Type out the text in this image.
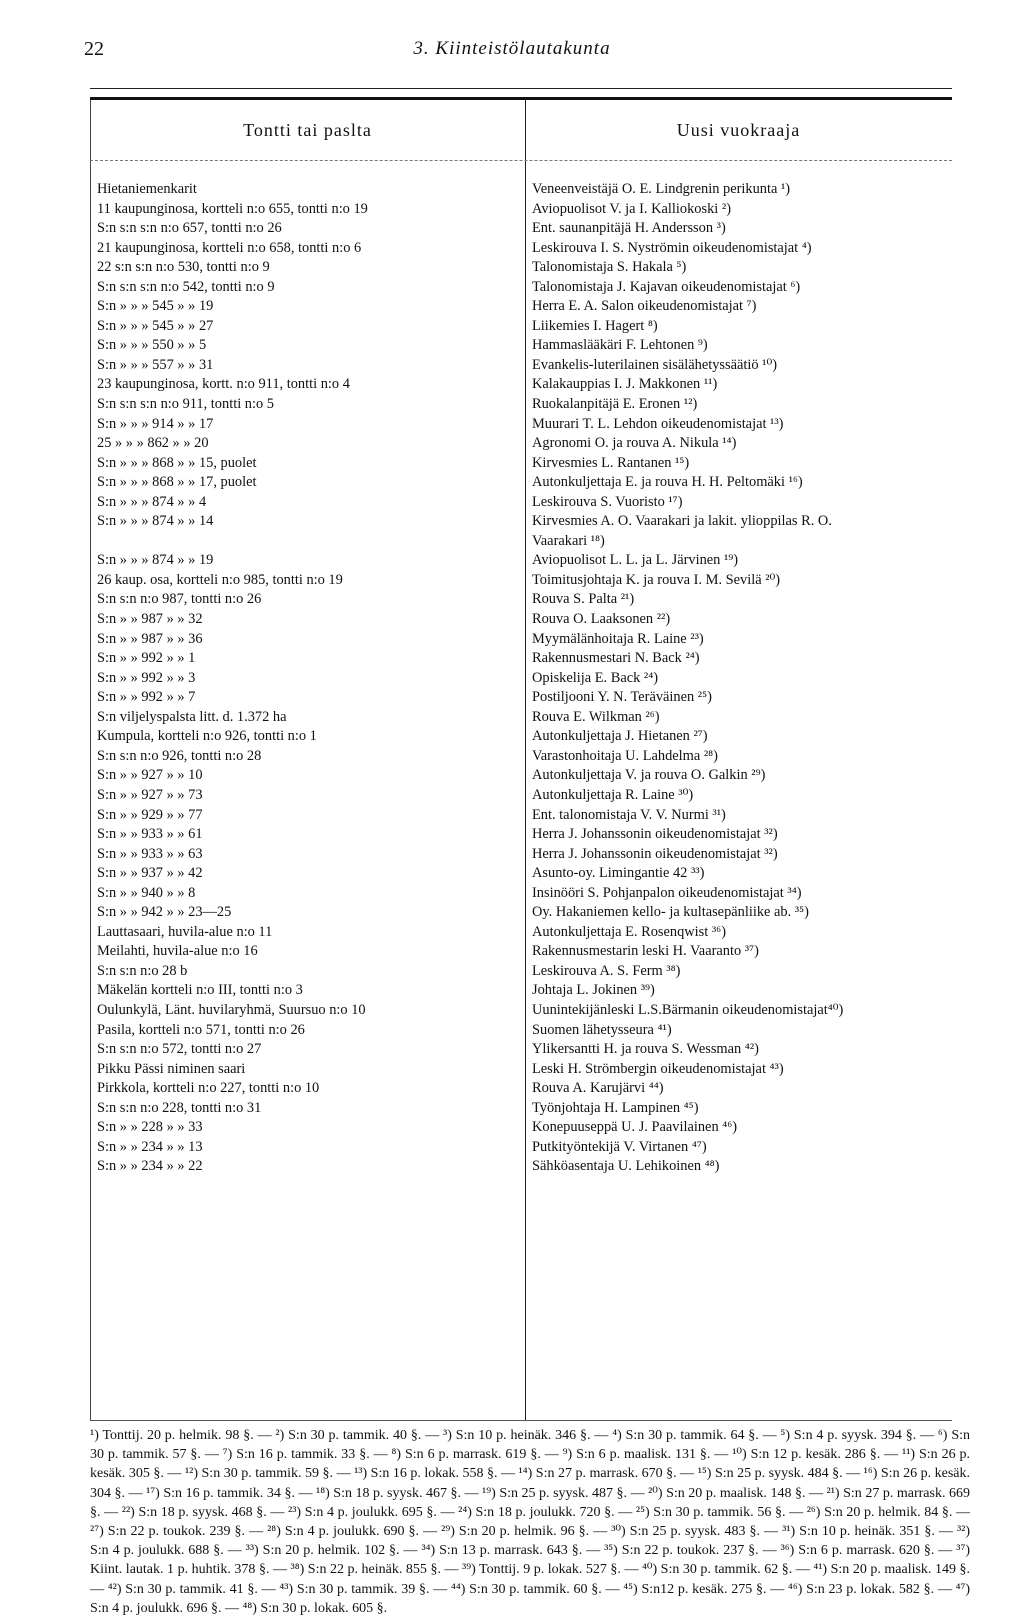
22	3. Kiinteistölautakunta
Tontti tai paslta	Uusi vuokraaja
Hietaniemenkarit
11 kaupunginosa, kortteli n:o 655, tontti n:o 19
S:n s:n s:n n:o 657, tontti n:o 26
21 kaupunginosa, kortteli n:o 658, tontti n:o 6
22 s:n s:n n:o 530, tontti n:o 9
S:n s:n s:n n:o 542, tontti n:o 9
S:n » » » 545 » » 19
S:n » » » 545 » » 27
S:n » » » 550 » » 5
S:n » » » 557 » » 31
23 kaupunginosa, kortt. n:o 911, tontti n:o 4
S:n s:n s:n n:o 911, tontti n:o 5
S:n » » » 914 » » 17
25 » » » 862 » » 20
S:n » » » 868 » » 15, puolet
S:n » » » 868 » » 17, puolet
S:n » » » 874 » » 4
S:n » » » 874 » » 14
S:n » » » 874 » » 19
26 kaup. osa, kortteli n:o 985, tontti n:o 19
S:n s:n n:o 987, tontti n:o 26
S:n » » 987 » » 32
S:n » » 987 » » 36
S:n » » 992 » » 1
S:n » » 992 » » 3
S:n » » 992 » » 7
S:n viljelyspalsta litt. d. 1.372 ha
Kumpula, kortteli n:o 926, tontti n:o 1
S:n s:n n:o 926, tontti n:o 28
S:n » » 927 » » 10
S:n » » 927 » » 73
S:n » » 929 » » 77
S:n » » 933 » » 61
S:n » » 933 » » 63
S:n » » 937 » » 42
S:n » » 940 » » 8
S:n » » 942 » » 23—25
Lauttasaari, huvila-alue n:o 11
Meilahti, huvila-alue n:o 16
S:n s:n n:o 28 b
Mäkelän kortteli n:o III, tontti n:o 3
Oulunkylä, Länt. huvilaryhmä, Suursuo n:o 10
Pasila, kortteli n:o 571, tontti n:o 26
S:n s:n n:o 572, tontti n:o 27
Pikku Pässi niminen saari
Pirkkola, kortteli n:o 227, tontti n:o 10
S:n s:n n:o 228, tontti n:o 31
S:n » » 228 » » 33
S:n » » 234 » » 13
S:n » » 234 » » 22
Veneenveistäjä O. E. Lindgrenin perikunta ¹)
Aviopuolisot V. ja I. Kalliokoski ²)
Ent. saunanpitäjä H. Andersson ³)
Leskirouva I. S. Nyströmin oikeudenomistajat ⁴)
Talonomistaja S. Hakala ⁵)
Talonomistaja J. Kajavan oikeudenomistajat ⁶)
Herra E. A. Salon oikeudenomistajat ⁷)
Liikemies I. Hagert ⁸)
Hammaslääkäri F. Lehtonen ⁹)
Evankelis-luterilainen sisälähetyssäätiö ¹⁰)
Kalakauppias I. J. Makkonen ¹¹)
Ruokalanpitäjä E. Eronen ¹²)
Muurari T. L. Lehdon oikeudenomistajat ¹³)
Agronomi O. ja rouva A. Nikula ¹⁴)
Kirvesmies L. Rantanen ¹⁵)
Autonkuljettaja E. ja rouva H. H. Peltomäki ¹⁶)
Leskirouva S. Vuoristo ¹⁷)
Kirvesmies A. O. Vaarakari ja lakit. ylioppilas R. O.
Vaarakari ¹⁸)
Aviopuolisot L. L. ja L. Järvinen ¹⁹)
Toimitusjohtaja K. ja rouva I. M. Sevilä ²⁰)
Rouva S. Palta ²¹)
Rouva O. Laaksonen ²²)
Myymälänhoitaja R. Laine ²³)
Rakennusmestari N. Back ²⁴)
Opiskelija E. Back ²⁴)
Postiljooni Y. N. Teräväinen ²⁵)
Rouva E. Wilkman ²⁶)
Autonkuljettaja J. Hietanen ²⁷)
Varastonhoitaja U. Lahdelma ²⁸)
Autonkuljettaja V. ja rouva O. Galkin ²⁹)
Autonkuljettaja R. Laine ³⁰)
Ent. talonomistaja V. V. Nurmi ³¹)
Herra J. Johanssonin oikeudenomistajat ³²)
Herra J. Johanssonin oikeudenomistajat ³²)
Asunto-oy. Limingantie 42 ³³)
Insinööri S. Pohjanpalon oikeudenomistajat ³⁴)
Oy. Hakaniemen kello- ja kultasepänliike ab. ³⁵)
Autonkuljettaja E. Rosenqwist ³⁶)
Rakennusmestarin leski H. Vaaranto ³⁷)
Leskirouva A. S. Ferm ³⁸)
Johtaja L. Jokinen ³⁹)
Uunintekijänleski L.S.Bärmanin oikeudenomistajat⁴⁰)
Suomen lähetysseura ⁴¹)
Ylikersantti H. ja rouva S. Wessman ⁴²)
Leski H. Strömbergin oikeudenomistajat ⁴³)
Rouva A. Karujärvi ⁴⁴)
Työnjohtaja H. Lampinen ⁴⁵)
Konepuuseppä U. J. Paavilainen ⁴⁶)
Putkityöntekijä V. Virtanen ⁴⁷)
Sähköasentaja U. Lehikoinen ⁴⁸)
¹) Tonttij. 20 p. helmik. 98 §. — ²) S:n 30 p. tammik. 40 §. — ³) S:n 10 p. heinäk. 346 §. — ⁴) S:n 30 p. tammik. 64 §. — ⁵) S:n 4 p. syysk. 394 §. — ⁶) S:n 30 p. tammik. 57 §. — ⁷) S:n 16 p. tammik. 33 §. — ⁸) S:n 6 p. marrask. 619 §. — ⁹) S:n 6 p. maalisk. 131 §. — ¹⁰) S:n 12 p. kesäk. 286 §. — ¹¹) S:n 26 p. kesäk. 305 §. — ¹²) S:n 30 p. tammik. 59 §. — ¹³) S:n 16 p. lokak. 558 §. — ¹⁴) S:n 27 p. marrask. 670 §. — ¹⁵) S:n 25 p. syysk. 484 §. — ¹⁶) S:n 26 p. kesäk. 304 §. — ¹⁷) S:n 16 p. tammik. 34 §. — ¹⁸) S:n 18 p. syysk. 467 §. — ¹⁹) S:n 25 p. syysk. 487 §. — ²⁰) S:n 20 p. maalisk. 148 §. — ²¹) S:n 27 p. marrask. 669 §. — ²²) S:n 18 p. syysk. 468 §. — ²³) S:n 4 p. joulukk. 695 §. — ²⁴) S:n 18 p. joulukk. 720 §. — ²⁵) S:n 30 p. tammik. 56 §. — ²⁶) S:n 20 p. helmik. 84 §. — ²⁷) S:n 22 p. toukok. 239 §. — ²⁸) S:n 4 p. joulukk. 690 §. — ²⁹) S:n 20 p. helmik. 96 §. — ³⁰) S:n 25 p. syysk. 483 §. — ³¹) S:n 10 p. heinäk. 351 §. — ³²) S:n 4 p. joulukk. 688 §. — ³³) S:n 20 p. helmik. 102 §. — ³⁴) S:n 13 p. marrask. 643 §. — ³⁵) S:n 22 p. toukok. 237 §. — ³⁶) S:n 6 p. marrask. 620 §. — ³⁷) Kiint. lautak. 1 p. huhtik. 378 §. — ³⁸) S:n 22 p. heinäk. 855 §. — ³⁹) Tonttij. 9 p. lokak. 527 §. — ⁴⁰) S:n 30 p. tammik. 62 §. — ⁴¹) S:n 20 p. maalisk. 149 §. — ⁴²) S:n 30 p. tammik. 41 §. — ⁴³) S:n 30 p. tammik. 39 §. — ⁴⁴) S:n 30 p. tammik. 60 §. — ⁴⁵) S:n12 p. kesäk. 275 §. — ⁴⁶) S:n 23 p. lokak. 582 §. — ⁴⁷) S:n 4 p. joulukk. 696 §. — ⁴⁸) S:n 30 p. lokak. 605 §.
